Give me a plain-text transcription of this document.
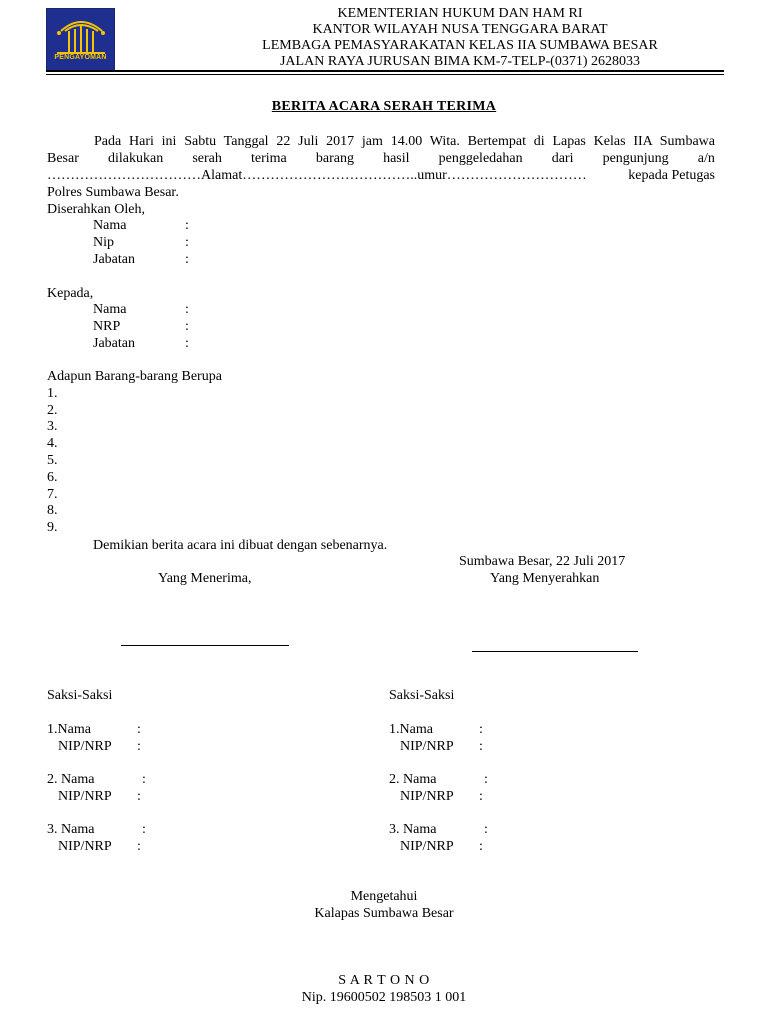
PENGAYOMAN
KEMENTERIAN HUKUM DAN HAM RI
KANTOR WILAYAH NUSA TENGGARA BARAT
LEMBAGA PEMASYARAKATAN KELAS IIA SUMBAWA BESAR
JALAN RAYA JURUSAN BIMA KM-7-TELP-(0371) 2628033
BERITA ACARA SERAH TERIMA
Pada Hari ini Sabtu Tanggal 22 Juli 2017 jam 14.00 Wita. Bertempat di Lapas Kelas IIA Sumbawa
Besar dilakukan serah terima barang hasil penggeledahan dari pengunjung a/n
……………………………Alamat………………………………..umur…………………………	kepada Petugas
Polres Sumbawa Besar.
Diserahkan Oleh,
Nama	:
Nip	:
Jabatan	:
Kepada,
Nama	:
NRP	:
Jabatan	:
Adapun Barang-barang Berupa
1.
2.
3.
4.
5.
6.
7.
8.
9.
Demikian berita acara ini dibuat dengan sebenarnya.
Sumbawa Besar, 22 Juli 2017
Yang Menerima,	Yang Menyerahkan
Saksi-Saksi
1.Nama	:
NIP/NRP :
2. Nama	:
NIP/NRP :
3. Nama	:
NIP/NRP :
Saksi-Saksi
1.Nama	:
NIP/NRP :
2. Nama	:
NIP/NRP :
3. Nama	:
NIP/NRP :
Mengetahui
Kalapas Sumbawa Besar
S A R T O N O
Nip. 19600502 198503 1 001
